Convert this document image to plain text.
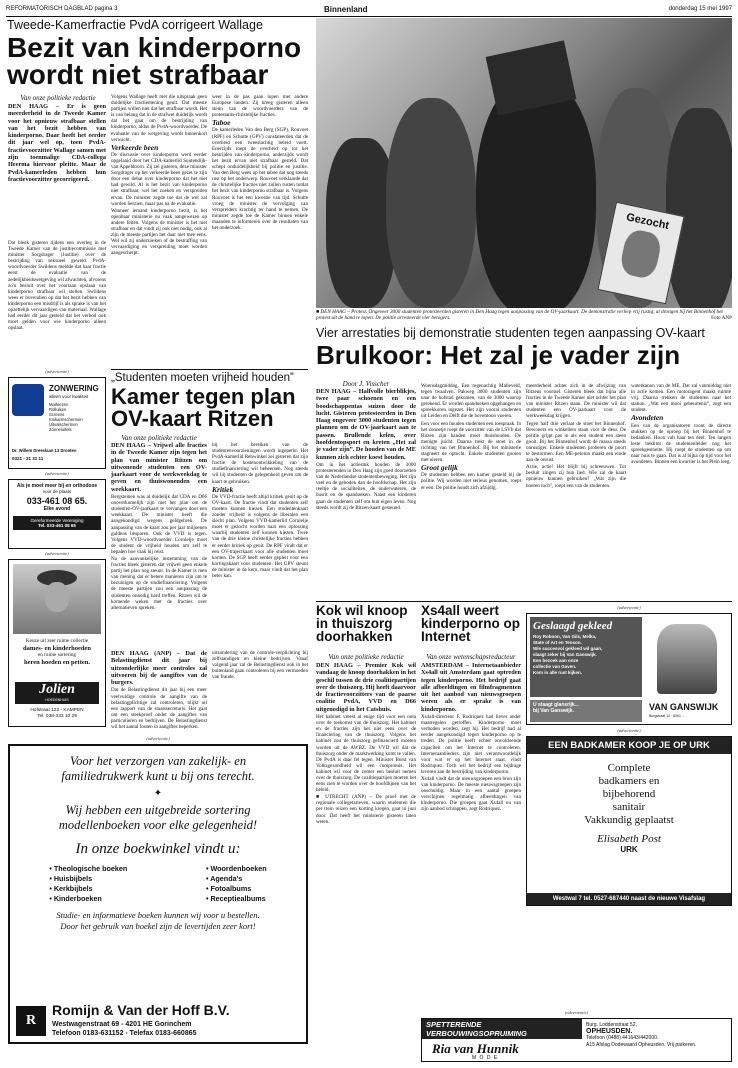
REFORMATORISCH DAGBLAD pagina 3	Binnenland	donderdag 15 mei 1997
Tweede-Kamerfractie PvdA corrigeert Wallage
Bezit van kinderporno wordt niet strafbaar
Van onze politieke redactie
DEN HAAG – Er is geen meerderheid in de Tweede Kamer voor het opnieuw strafbaar stellen van het bezit hebben van kinderporno. Daar heeft het eerder dit jaar wel op, toen PvdA-fractievoorzitter Wallage samen met zijn toenmalige CDA-collega Heerma hiervoor pleitte. Maar de PvdA-kamerleden hebben hun fractievoorzitter gecorrigeerd.
Dat bleek gisteren tijdens een overleg in de Tweede Kamer van de justitiecommissie met minister Sorgdrager (Justitie) over de bestrijding van seksueel geweld. PvdA-woordvoerder Swildens meldde dat haar fractie eerst de evaluatie van de zedelijkheidswetgeving wil afwachten, alvorens zo'n besluit over het voortaan opslaan van kinderporno strafbaar wil stellen. Swildens wees er bovendien op dat het bezit hebben van kinderporno een misdrijf is als sprake is van het opzettelijk vervaardigen van materiaal. Wallage had eerder dit jaar gesteld dat het verbod ook moet gelden voor wie kinderporno alleen opslaat.
Volgens Wallage heeft met die uitspraak geen duidelijke fractiemening geuit. Dat meeste partijen willen niet dat het strafbaar wordt. Het is van belang dat in de strafwet duidelijk wordt dat het gaat om de bestrijding van kinderporno, aldus de PvdA-woordvoerder. De evaluatie van de wetgeving wordt binnenkort verwacht.
Verkeerde been
De discussie over kinderporno werd eerder opgelaaid door het CDA-kamerlid Soutendijk-van Appeldoorn. Zij zei gisteren, deze minister Sorgdrager op het verkeerde been gezet te zijn door een debat over kinderporno dat het niet had gewild. Al is het bezit van kinderporno niet strafbaar, wel het zoeken en verspreiden ervan. De minister zegde toe dat de wet zal worden herzien, maar pas na de evaluatie.
Wanneer iemand kinderporno bezit, is het openbaar ministerie nu vaak aangewezen op andere feiten. Volgens de minister is het niet strafbaar en dat vindt zij ook niet nodig, ook al zijn de meeste partijen het daar niet mee eens. Wel wil zij onderzoeken of de bestraffing van vervaardiging en verspreiding moet worden aangescherpt.
weer in de pas gaan lopen met andere Europese landen. Zij kreeg gisteren alleen steun van de woordvoerders van de protestants-christelijke fracties.
Taboe
De kamerleden Van den Berg (SGP), Rouvoet (RPF) en Schutte (GPV) constateerden dat de overheid een tweeslachtig beleid voert. Enerzijds roept de overheid op tot het bestrijden van kinderporno, anderzijds wordt het bezit ervan niet strafbaar gesteld. Dat schept onduidelijkheid bij politie en justitie. Van den Berg wees op het taboe dat nog steeds rust op het onderwerp. Rouvoet verklaarde dat de christelijke fracties niet zullen rusten totdat het bezit van kinderporno strafbaar is. Volgens Rouvoet is het een kwestie van tijd. Schutte vroeg de minister de vervolging van verspreiders krachtig ter hand te nemen. De minister zegde toe de Kamer binnen enkele maanden te informeren over de resultaten van het onderzoek.	Gezocht
■ DEN HAAG – Protest. Ongeveer 3000 studenten protesteerden gisteren in Den Haag tegen aanpassing van de OV-jaarkaart. De demonstratie verliep vrij rustig, al drongen bij het Binnenhof het protest uit de hand te lopen. De politie arresteerde vier betogers.	Foto ANP
Vier arrestaties bij demonstratie studenten tegen aanpassing OV-kaart
Brulkoor: Het zal je vader zijn
Door J. Visscher
DEN HAAG – Halfvolle bierblikjes, twee paar schoenen en een boodschappentas suizen door de lucht. Gisteren protesteerden in Den Haag ongeveer 3000 studenten tegen plannen om de OV-jaarkaart aan te passen. Brullende kelen, over hoofdentopsport en kreten „Het zal je vader zijn”. De houden van de ME kunnen zich echter koest houden.
Om in het actiestuk houden de 3000 protesterenden in Den Haag zijn goed doorzetten van de Nederlandse studentenbeweging. Het zijn veel en de geboden dan de hoofdschap. Het zijn reeltje de socialiteiten, de onderwateren, de busrit en de spandoeken. Naast een kinderen gaan de studenten zelf om hun eigen leven. Nog steeds wordt zij de Ritzen-kaart gesteund.
Woensdagmiddag. Een regenachtig Malieveld, tegen twaalven. Pakweg 3000 studenten zijn naar de hofstad gekomen, van de 3000 waarop gerekend. Er worden spandoeken opgehangen en spreekkoren ingezet. Het zijn vooral studenten uit Leiden en Delft die de boventoon voeren.
Een voor een houden studenten een toespraak. In het zonnetje roept de voorzitter van de LSVb dat Ritzen zijn handen moet thuishouden. De menigte juicht. Daarna trekt de stoet in de richting van het Binnenhof. Bij het ministerie stagneert de optocht. Enkele studenten gooien met eieren.
Groot gelijk
De studenten hebben een kamer gesteld bij de politie. Wij worden niet serieus genomen, roept er een. De politie houdt zich afzijdig.
meerderheid achter zich in de afwijzing van Ritzens voorstel. Gisteren bleek dat bijna alle fracties in de Tweede Kamer niet achter het plan van minister Ritzen staan. De minister wil dat studenten een OV-jaarkaart voor de werkweekdag krijgen.
Tegen half drie verlaat de stoet het Binnenhof. Bewoners en winkeliers staan voor de deur. De politie grijpt pas in als een student een steen gooit. Bij het Binnenhof wordt de massa steeds onrustiger. Enkele studenten proberen de poort te bestormen. Een ME-peloton maakt een einde aan de onrust.
Actie, actie! Het blijft bij schreeuwen. Tot besluit zingen zij hun lied. Wie zal de kaart opnieuw kunnen gebruiken? „Wat zijn die hoeren toch”, roept een van de studenten.
waterkanon van de ME. Dat zal vanmiddag niet in actie komen. Een motoragent maakt ruimte vrij. Daarna trekken de studenten naar het station. „Wat een mooi gebeurtenis”, zegt een student.
Avondeten
Een van de organisatoren toont de directe stukken op de oproep bij het Binnenhof te bedanken. Hoon valt haar ten deel. Ten langen leste beklimt de studentenleider nog het spreekgestoelte. Hij roept de studenten op om naar huis te gaan. Dat is al bijna op tijd voor het avondeten. Binnen een kwartier is het Plein leeg.
(advertentie)
ZONWERING
alleen voor kwaliteit
Markiezen
Rolluiken
Screens
Knikarmschermen
Uitvalschermen
Zonneluifels
Dr. Willem Dreeslaan 13 Dronten
0321 - 31 31 11
(advertentie)
Als je moet meer bij en orthodoxe
voor de plaats
033-461 08 65.
Elke avond
Gereformeerde Vereniging
Tel. 033-461 08 65
(advertentie)
Keuze uit zeer ruime collectie
dames- en kinderhoeden
en ruime sortering
heren hoeden en petten.
Jolien
HOEDENHUIS
Hofstraat 122 - KAMPEN
Tel. 038-333 10 29
„Studenten moeten vrijheid houden”
Kamer tegen plan OV-kaart Ritzen
Van onze politieke redactie
DEN HAAG – Vrijwel alle fracties in de Tweede Kamer zijn tegen het plan van minister Ritzen om uitwonende studenten een OV-jaarkaart voor de werkweekdag te geven en thuiswonenden een weekkaart.
Bergsteinen was al duidelijk dat CDA en D66 onoverkomelijk zijn met het plan om de studenten-OV-jaarkaart te vervangen door een weekkaart. De minister heeft die aangekondigd wegens geldgebrek. De aanpassing van de kaart zou per jaar miljoenen guldens besparen. Ook de VVD is tegen. Volgens VVD-woordvoerder Cornielje moet de student de vrijheid houden om zelf te bepalen hoe vaak hij reist.
Na de aanvankelijke instemming van de fracties bleek gisteren dat vrijwel geen enkele partij het plan nog steunt. In de Kamer is men van mening dat er betere manieren zijn om te bezuinigen op de studiefinanciering. Volgens de meeste partijen zou een aanpassing de studenten onnodig hard treffen. Ritzen wil de komende weken met de fracties over alternatieven spreken.
bij het bereiken van de studentenvoorzieningen wordt ingeperkt. Het PvdA-kamerlid Rehwinkel zei gisteren dat zijn fractie de kostenontwikkeling van de studiefinanciering wil beheersen. Nog steeds wil hij studenten de gelegenheid geven om de kaart te gebruiken.
Kritiek
De VVD-fractie heeft altijd kritiek geuit op de OV-kaart. De fractie vindt dat studenten zelf moeten kunnen kiezen. Een studentenkaart zonder vrijheid is volgens de liberalen een slecht plan. Volgens VVD-kamerlid Cornielje moet er gezocht worden naar een oplossing waarbij studenten zelf kunnen kiezen. Twee van de drie kleine christelijke fracties hebben er eerder kritiek op geuit. De RPF vindt dat er een OV-trajectkaart voor alle studenten moet komen. De SGP heeft eerder gepleit voor een kortingskaart voor studenten. Het GPV steunt de minister in de kern, maar vindt dat het plan beter kan.
DEN HAAG (ANP) – Dat de Belastingdienst dit jaar bij uitzonderlijke meer controles zal uitvoeren bij de aangiftes van de burgers.
Dat de Belastingdienst dit jaar bij een meer veelvuldige controle de aangifte van de belastingplichtige zal controleren, blijkt uit een rapport van de staatssecretaris. Het gaat om een steekproef onder de aangiftes van particulieren en bedrijven. De Belastingdienst wil het aantal fouten in aangiftes beperken.
uitzondering van de controle-verplichting bij zelfstandigen en kleine bedrijven. Vanaf volgend jaar zal de Belastingdienst ook in het buitenland gaan controleren bij een vermoeden van fraude.
(advertentie)
Voor het verzorgen van zakelijk- en
familiedrukwerk kunt u bij ons terecht.
✦
Wij hebben een uitgebreide sortering
modellenboeken voor elke gelegenheid!
In onze boekwinkel vindt u:
• Theologische boeken
• Huisbijbels
• Kerkbijbels
• Kinderboeken
• Woordenboeken
• Agenda's
• Fotoalbums
• Receptiealbums
Studie- en informatieve boeken kunnen wij voor u bestellen.
Door het gebruik van boekel zijn de levertijden zeer kort!
R
Romijn & Van der Hoff B.V.
Westwagenstraat 69 - 4201 HE Gorinchem
Telefoon 0183-631152 - Telefax 0183-660865
Kok wil knoop in thuiszorg doorhakken
Van onze politieke redactie
DEN HAAG – Premier Kok wil vandaag de knoop doorhakken in het geschil tussen de drie coalitiepartijen over de thuiszorg. Hij heeft daarvoor de fractievoorzitters van de paarse coalitie PvdA, VVD en D66 uitgenodigd in het Catshuis.
Het kabinet vreest al enige tijd voor een nota over de toekomst van de thuiszorg. Het kabinet en de fracties zijn het niet eens over de financiering van de thuiszorg. Volgens het kabinet zou de thuiszorg gefinancierd moeten worden uit de AWBZ. De VVD wil dat de thuiszorg onder de marktwerking komt te vallen. De PvdA is daar fel tegen. Minister Borst van Volksgezondheid wil een compromis. Het kabinet wil voor de zomer een besluit nemen over de thuiszorg. De coalitiepartijen moeten het eens zien te worden over de hoofdlijnen van het beleid.
■ UTRECHT (ANP) – De proef met de regionale collegetarieven, waarin studenten die per trein reizen een korting kregen, gaat in juni door. Dat heeft het ministerie gisteren laten weten.
Xs4all weert kinderporno op Internet
Van onze wetenschapsredacteur
AMSTERDAM – Internetaanbieder Xs4all uit Amsterdam gaat optreden tegen kinderporno. Het bedrijf gaat alle afbeeldingen en filmfragmenten uit het aanbod van nieuwsgroepen weren als er sprake is van kinderporno.
Xs4all-directeur F. Rodriquez had liever ander maatregelen getroffen. Kinderporno moet verboden worden, zegt hij. Het bedrijf had al eerder aangekondigd tegen kinderporno op te treden. De politie heeft echter onvoldoende capaciteit om het Internet te controleren. Internetaanbieders zijn niet verantwoordelijk voor wat er op het Internet staat, vindt Rodriquez. Toch wil het bedrijf een bijdrage leveren aan de bestrijding van kinderporno.
Xs4all vindt dat de nieuwsgroepen een bron zijn van kinderporno. De meeste nieuwsgroepen zijn onschuldig. Maar in een aantal groepen verschijnen regelmatig afbeeldingen van kinderporno. Die groepen gaat Xs4all nu van zijn aanbod schrappen, zegt Rodriquez.
(advertentie)
Geslaagd gekleed
Roy Roboon, Van Gils, Melka,
State of Art en Tenson.
Wie succesvol gekleed wil gaan,
slaagt zeker bij Van Ganswijk.
Een bezoek aan onze
collectie van Gaven.
Kom in alle rust kijken.
U staagt glansrijk...
bij Van Ganswijk.	VAN GANSWIJK
Burgstraat 12 · 8261 ...
(advertentie)
EEN BADKAMER KOOP JE OP URK
Complete
badkamers en
bijbehorend
sanitair
Vakkundig geplaatst
Elisabeth Post
URK
Westwal 7 tel. 0527-687440 naast de nieuwe Visafslag
(advertentie)
SPETTERENDE
VERBOUWINGSOPRUIMING
Ria van Hunnik
M O D E
Burg. Loddenstraat 52,
OPHEUSDEN.
Telefoon (0488) 441643/442000.
A15 Afslag Dodewaard Opheusden. Vrij parkeren.
